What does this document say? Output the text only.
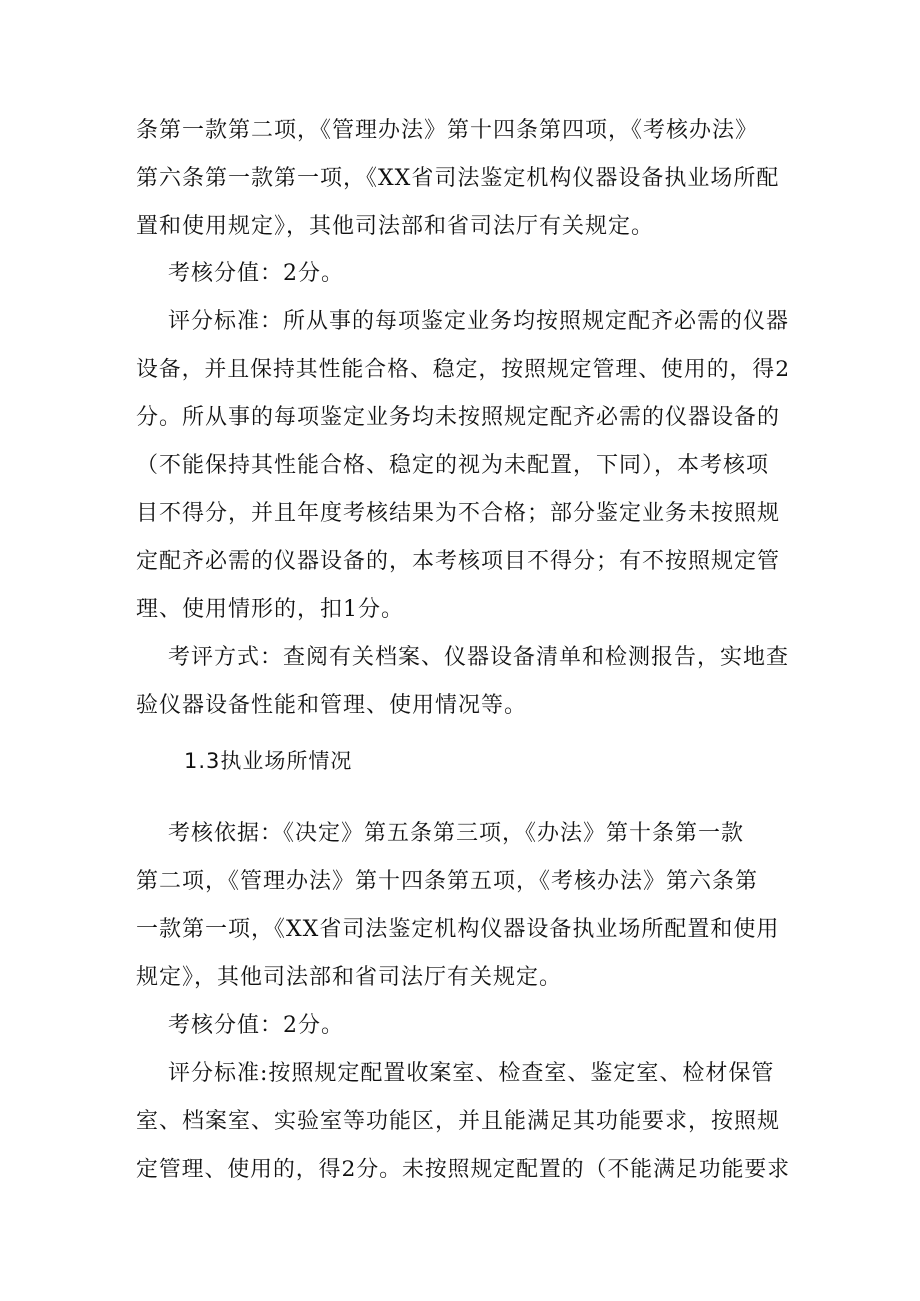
条第一款第二项，《管理办法》第十四条第四项，《考核办法》
第六条第一款第一项，《XX省司法鉴定机构仪器设备执业场所配
置和使用规定》，其他司法部和省司法厅有关规定。
考核分值：2分。
评分标准：所从事的每项鉴定业务均按照规定配齐必需的仪器
设备，并且保持其性能合格、稳定，按照规定管理、使用的，得2
分。所从事的每项鉴定业务均未按照规定配齐必需的仪器设备的
（不能保持其性能合格、稳定的视为未配置，下同），本考核项
目不得分，并且年度考核结果为不合格；部分鉴定业务未按照规
定配齐必需的仪器设备的，本考核项目不得分；有不按照规定管
理、使用情形的，扣1分。
考评方式：查阅有关档案、仪器设备清单和检测报告，实地查
验仪器设备性能和管理、使用情况等。
1.3执业场所情况
考核依据：《决定》第五条第三项，《办法》第十条第一款
第二项，《管理办法》第十四条第五项，《考核办法》第六条第
一款第一项，《XX省司法鉴定机构仪器设备执业场所配置和使用
规定》，其他司法部和省司法厅有关规定。
考核分值：2分。
评分标准:按照规定配置收案室、检查室、鉴定室、检材保管
室、档案室、实验室等功能区，并且能满足其功能要求，按照规
定管理、使用的，得2分。未按照规定配置的（不能满足功能要求
